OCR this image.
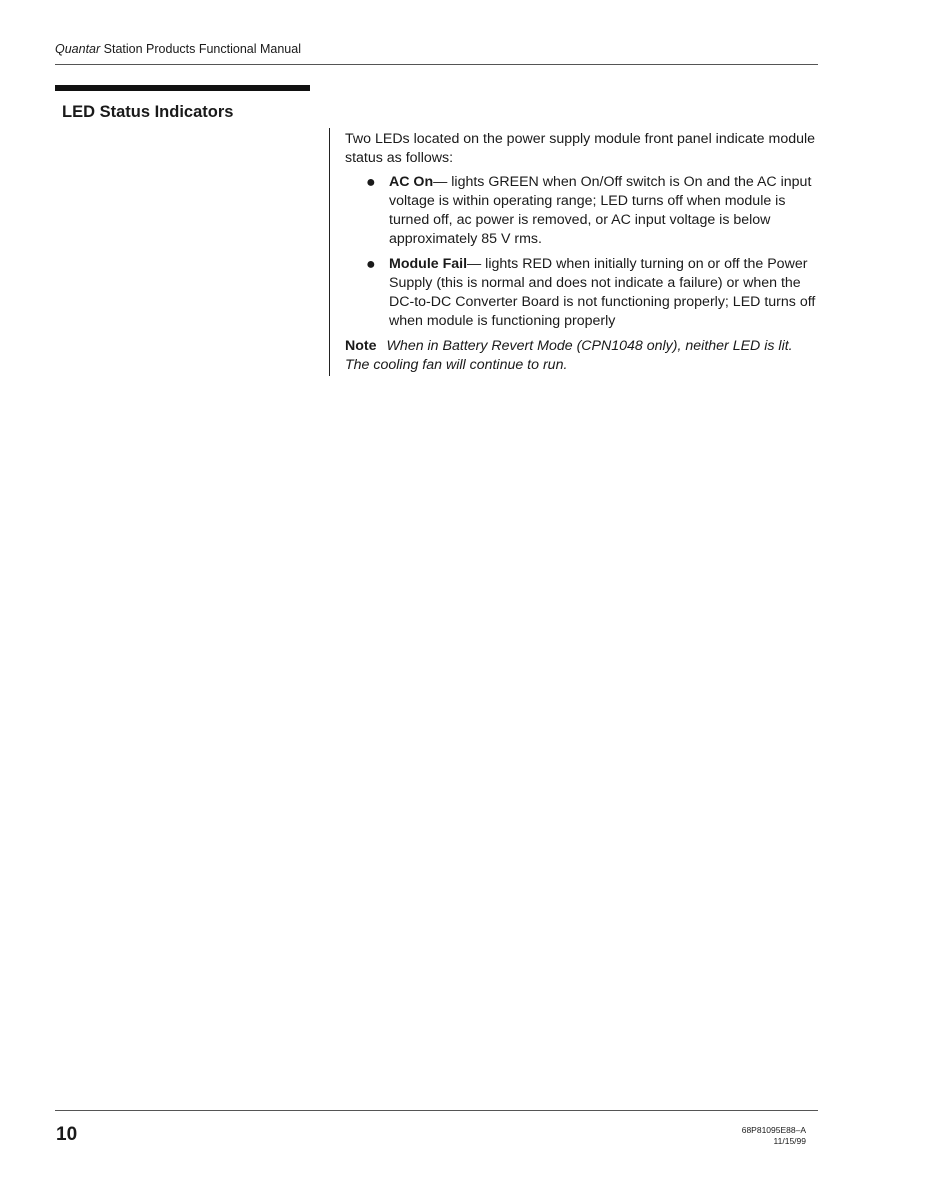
Quantar Station Products Functional Manual
LED Status Indicators

Two LEDs located on the power supply module front panel indicate module status as follows:

● AC On— lights GREEN when On/Off switch is On and the AC input voltage is within operating range; LED turns off when module is turned off, ac power is removed, or AC input voltage is below approximately 85 V rms.
● Module Fail— lights RED when initially turning on or off the Power Supply (this is normal and does not indicate a failure) or when the DC-to-DC Converter Board is not functioning properly; LED turns off when module is functioning properly

Note When in Battery Revert Mode (CPN1048 only), neither LED is lit. The cooling fan will continue to run.

10	68P81095E88–A
11/15/99
